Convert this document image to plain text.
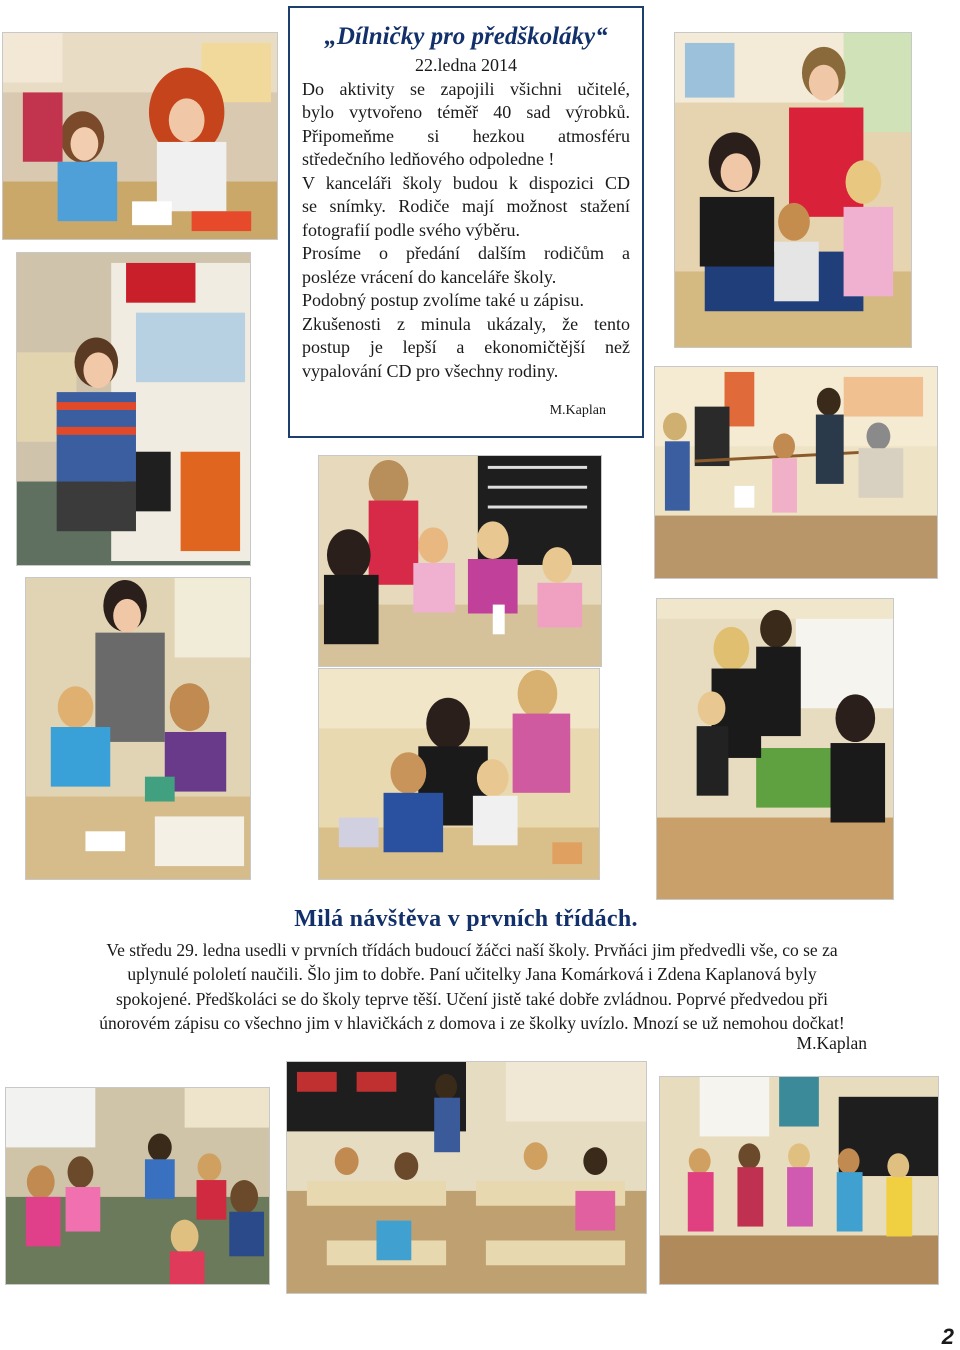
„Dílničky pro předškoláky“
22.ledna 2014
Do aktivity se zapojili všichni učitelé,
bylo vytvořeno téměř 40 sad výrobků.
Připomeňme si hezkou atmosféru
středečního ledňového odpoledne !
V kanceláři školy budou k dispozici CD
se snímky. Rodiče mají možnost stažení
fotografií podle svého výběru.
Prosíme o předání dalším rodičům a
posléze vrácení do kanceláře školy.
Podobný postup zvolíme také u zápisu.
Zkušenosti z minula ukázaly, že tento
postup je lepší a ekonomičtější než
vypalování CD pro všechny rodiny.
M.Kaplan
Milá návštěva v prvních třídách.
Ve středu 29. ledna usedli v prvních třídách budoucí žáčci naší školy. Prvňáci jim předvedli vše, co se za
uplynulé pololetí naučili. Šlo jim to dobře. Paní učitelky Jana Komárková i Zdena Kaplanová byly
spokojené. Předškoláci se do školy teprve těší. Učení jistě také dobře zvládnou. Poprvé předvedou při
únorovém zápisu co všechno jim v hlavičkách z domova i ze školky uvízlo. Mnozí se už nemohou dočkat!
M.Kaplan
2
